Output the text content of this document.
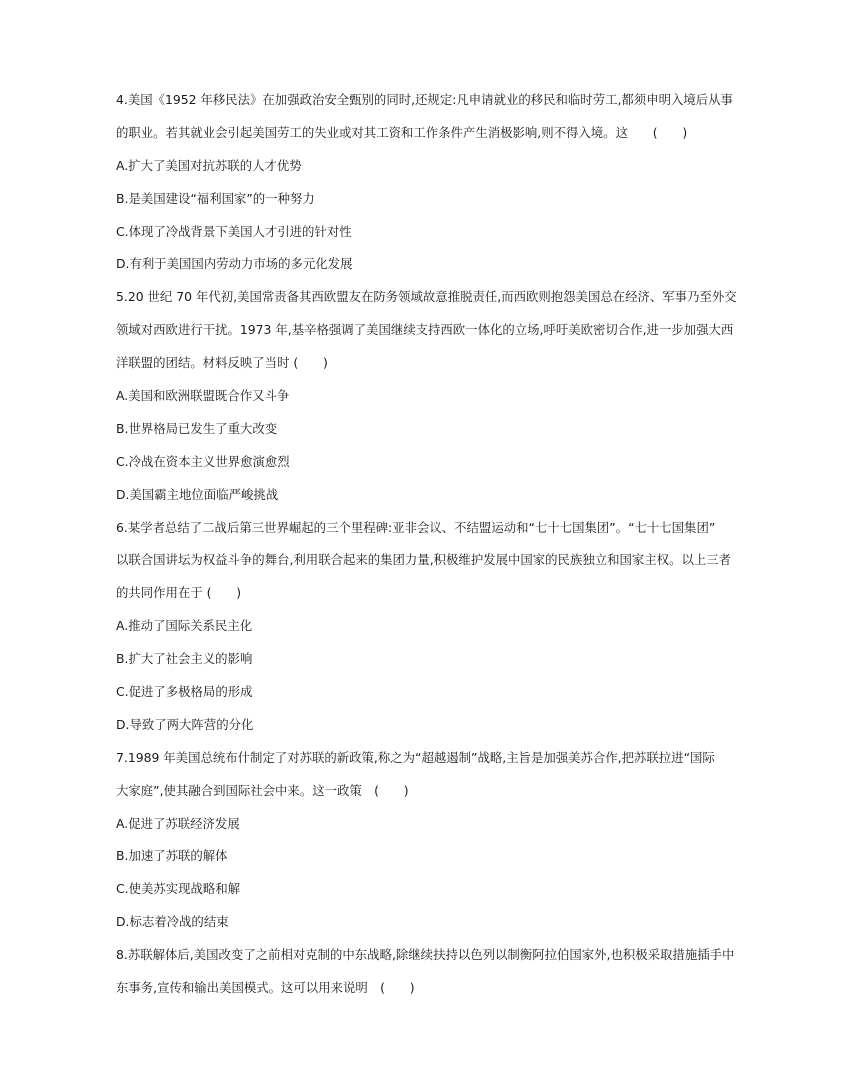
4.美国《1952 年移民法》在加强政治安全甄别的同时,还规定:凡申请就业的移民和临时劳工,都须申明入境后从事
的职业。若其就业会引起美国劳工的失业或对其工资和工作条件产生消极影响,则不得入境。这　　(　　)
A.扩大了美国对抗苏联的人才优势
B.是美国建设“福利国家”的一种努力
C.体现了冷战背景下美国人才引进的针对性
D.有利于美国国内劳动力市场的多元化发展
5.20 世纪 70 年代初,美国常责备其西欧盟友在防务领域故意推脱责任,而西欧则抱怨美国总在经济、军事乃至外交
领域对西欧进行干扰。1973 年,基辛格强调了美国继续支持西欧一体化的立场,呼吁美欧密切合作,进一步加强大西
洋联盟的团结。材料反映了当时 (　　)
A.美国和欧洲联盟既合作又斗争
B.世界格局已发生了重大改变
C.冷战在资本主义世界愈演愈烈
D.美国霸主地位面临严峻挑战
6.某学者总结了二战后第三世界崛起的三个里程碑:亚非会议、不结盟运动和“七十七国集团”。“七十七国集团”
以联合国讲坛为权益斗争的舞台,利用联合起来的集团力量,积极维护发展中国家的民族独立和国家主权。以上三者
的共同作用在于 (　　)
A.推动了国际关系民主化
B.扩大了社会主义的影响
C.促进了多极格局的形成
D.导致了两大阵营的分化
7.1989 年美国总统布什制定了对苏联的新政策,称之为“超越遏制”战略,主旨是加强美苏合作,把苏联拉进“国际
大家庭”,使其融合到国际社会中来。这一政策　(　　)
A.促进了苏联经济发展
B.加速了苏联的解体
C.使美苏实现战略和解
D.标志着冷战的结束
8.苏联解体后,美国改变了之前相对克制的中东战略,除继续扶持以色列以制衡阿拉伯国家外,也积极采取措施插手中
东事务,宣传和输出美国模式。这可以用来说明　(　　)
